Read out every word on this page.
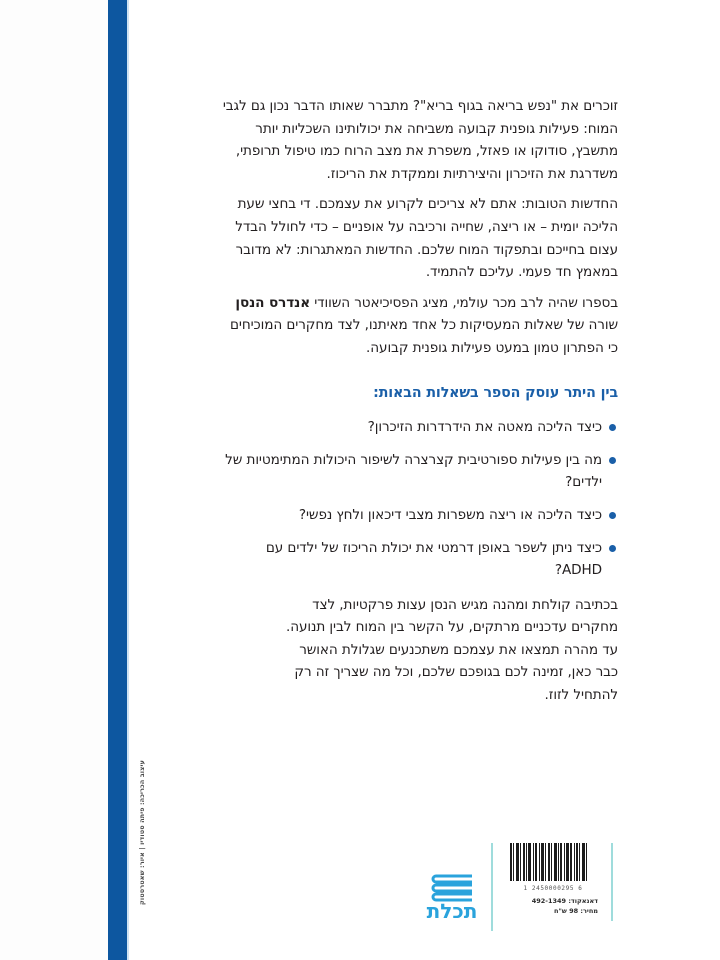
עיצוב הכריכה: פיתה סטודיו | איור: שאטרסטוק

זוכרים את "נפש בריאה בגוף בריא"? מתברר שאותו הדבר נכון גם לגבי המוח: פעילות גופנית קבועה משביחה את יכולותינו השכליות יותר מתשבץ, סודוקו או פאזל, משפרת את מצב הרוח כמו טיפול תרופתי, משדרגת את הזיכרון והיצירתיות וממקדת את הריכוז.

החדשות הטובות: אתם לא צריכים לקרוע את עצמכם. די בחצי שעת הליכה יומית – או ריצה, שחייה ורכיבה על אופניים – כדי לחולל הבדל עצום בחייכם ובתפקוד המוח שלכם. החדשות המאתגרות: לא מדובר במאמץ חד פעמי. עליכם להתמיד.

בספרו שהיה לרב מכר עולמי, מציג הפסיכיאטר השוודי אנדרס הנסן שורה של שאלות המעסיקות כל אחד מאיתנו, לצד מחקרים המוכיחים כי הפתרון טמון במעט פעילות גופנית קבועה.

בין היתר עוסק הספר בשאלות הבאות:
כיצד הליכה מאטה את הידרדרות הזיכרון?
מה בין פעילות ספורטיבית קצרצרה לשיפור היכולות המתימטיות של ילדים?
כיצד הליכה או ריצה משפרות מצבי דיכאון ולחץ נפשי?
כיצד ניתן לשפר באופן דרמטי את יכולת הריכוז של ילדים עם ADHD?

בכתיבה קולחת ומהנה מגיש הנסן עצות פרקטיות, לצד מחקרים עדכניים מרתקים, על הקשר בין המוח לבין תנועה. עד מהרה תמצאו את עצמכם משתכנעים שגלולת האושר כבר כאן, זמינה לכם בגופכם שלכם, וכל מה שצריך זה רק להתחיל לזוז.

1 2450000295 6
דאנאקוד: 492-1349
מחיר: 98 ש"ח
תכלת
